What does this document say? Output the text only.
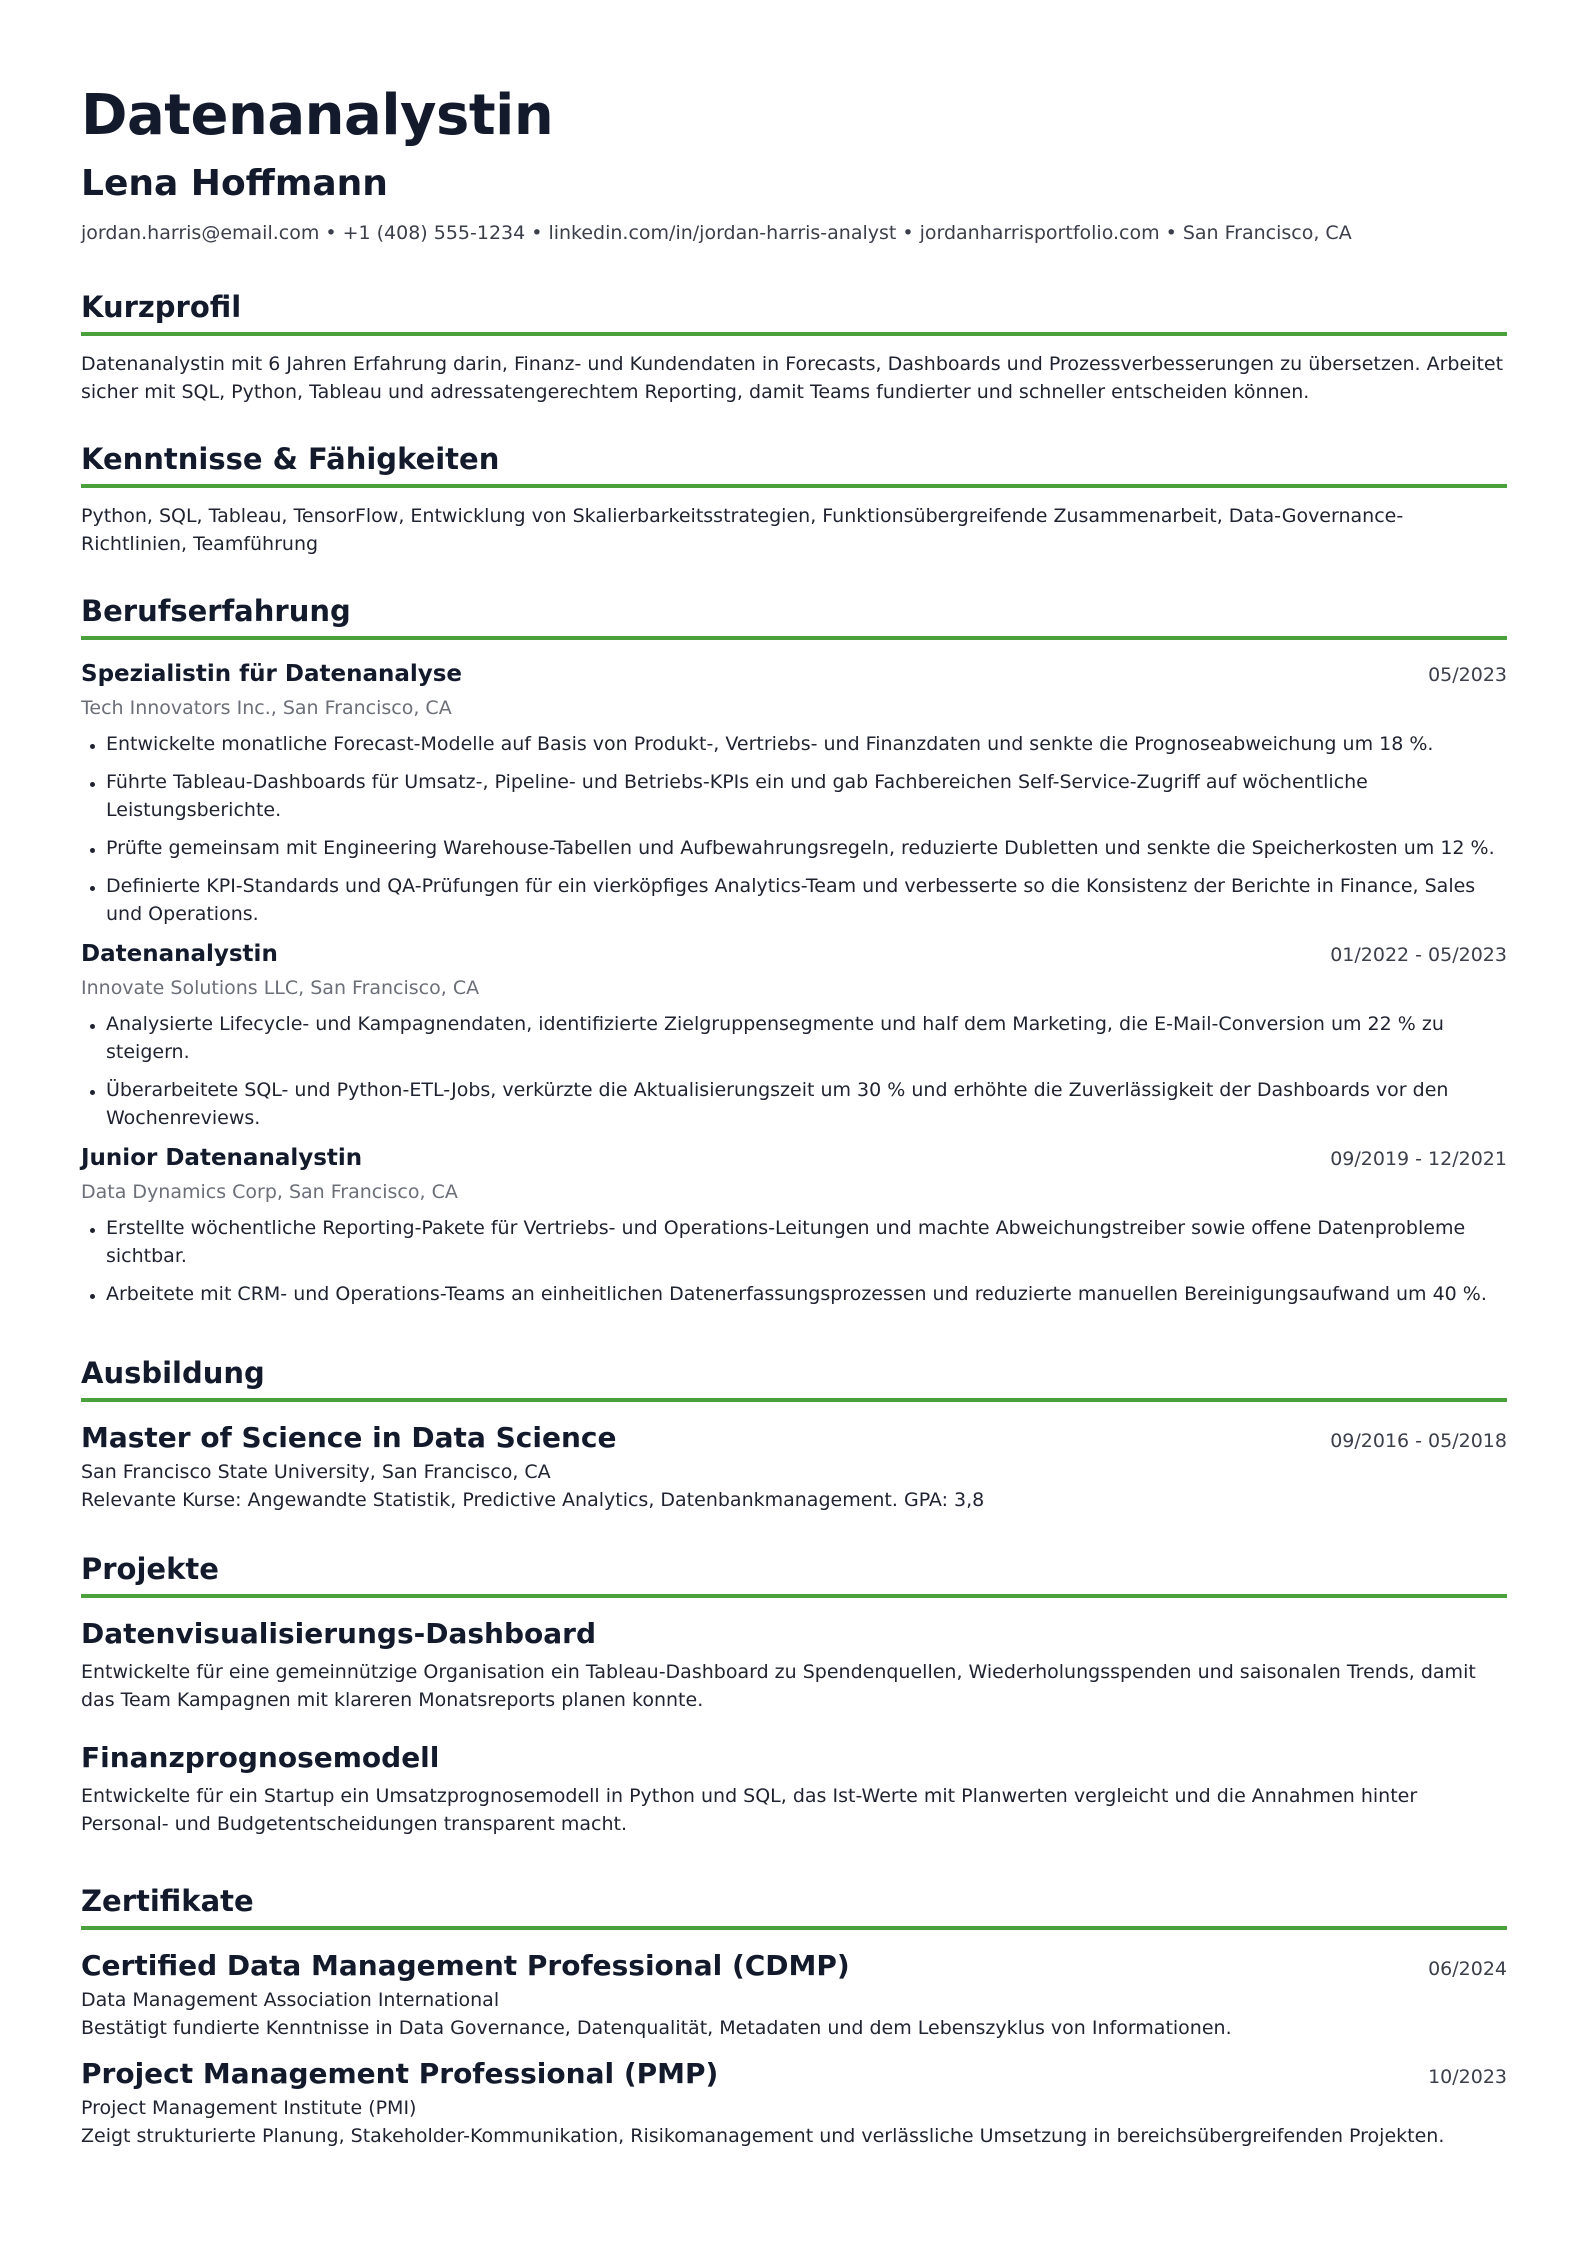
Datenanalystin
Lena Hoffmann
jordan.harris@email.com • +1 (408) 555-1234 • linkedin.com/in/jordan-harris-analyst • jordanharrisportfolio.com • San Francisco, CA
Kurzprofil
Datenanalystin mit 6 Jahren Erfahrung darin, Finanz- und Kundendaten in Forecasts, Dashboards und Prozessverbesserungen zu übersetzen. Arbeitet sicher mit SQL, Python, Tableau und adressatengerechtem Reporting, damit Teams fundierter und schneller entscheiden können.
Kenntnisse & Fähigkeiten
Python, SQL, Tableau, TensorFlow, Entwicklung von Skalierbarkeitsstrategien, Funktionsübergreifende Zusammenarbeit, Data-Governance-Richtlinien, Teamführung
Berufserfahrung
Spezialistin für Datenanalyse	05/2023
Tech Innovators Inc., San Francisco, CA
Entwickelte monatliche Forecast-Modelle auf Basis von Produkt-, Vertriebs- und Finanzdaten und senkte die Prognoseabweichung um 18 %.
Führte Tableau-Dashboards für Umsatz-, Pipeline- und Betriebs-KPIs ein und gab Fachbereichen Self-Service-Zugriff auf wöchentliche Leistungsberichte.
Prüfte gemeinsam mit Engineering Warehouse-Tabellen und Aufbewahrungsregeln, reduzierte Dubletten und senkte die Speicherkosten um 12 %.
Definierte KPI-Standards und QA-Prüfungen für ein vierköpfiges Analytics-Team und verbesserte so die Konsistenz der Berichte in Finance, Sales und Operations.
Datenanalystin	01/2022 - 05/2023
Innovate Solutions LLC, San Francisco, CA
Analysierte Lifecycle- und Kampagnendaten, identifizierte Zielgruppensegmente und half dem Marketing, die E-Mail-Conversion um 22 % zu steigern.
Überarbeitete SQL- und Python-ETL-Jobs, verkürzte die Aktualisierungszeit um 30 % und erhöhte die Zuverlässigkeit der Dashboards vor den Wochenreviews.
Junior Datenanalystin	09/2019 - 12/2021
Data Dynamics Corp, San Francisco, CA
Erstellte wöchentliche Reporting-Pakete für Vertriebs- und Operations-Leitungen und machte Abweichungstreiber sowie offene Datenprobleme sichtbar.
Arbeitete mit CRM- und Operations-Teams an einheitlichen Datenerfassungsprozessen und reduzierte manuellen Bereinigungsaufwand um 40 %.
Ausbildung
Master of Science in Data Science	09/2016 - 05/2018
San Francisco State University, San Francisco, CA
Relevante Kurse: Angewandte Statistik, Predictive Analytics, Datenbankmanagement. GPA: 3,8
Projekte
Datenvisualisierungs-Dashboard
Entwickelte für eine gemeinnützige Organisation ein Tableau-Dashboard zu Spendenquellen, Wiederholungsspenden und saisonalen Trends, damit das Team Kampagnen mit klareren Monatsreports planen konnte.
Finanzprognosemodell
Entwickelte für ein Startup ein Umsatzprognosemodell in Python und SQL, das Ist-Werte mit Planwerten vergleicht und die Annahmen hinter Personal- und Budgetentscheidungen transparent macht.
Zertifikate
Certified Data Management Professional (CDMP)	06/2024
Data Management Association International
Bestätigt fundierte Kenntnisse in Data Governance, Datenqualität, Metadaten und dem Lebenszyklus von Informationen.
Project Management Professional (PMP)	10/2023
Project Management Institute (PMI)
Zeigt strukturierte Planung, Stakeholder-Kommunikation, Risikomanagement und verlässliche Umsetzung in bereichsübergreifenden Projekten.
